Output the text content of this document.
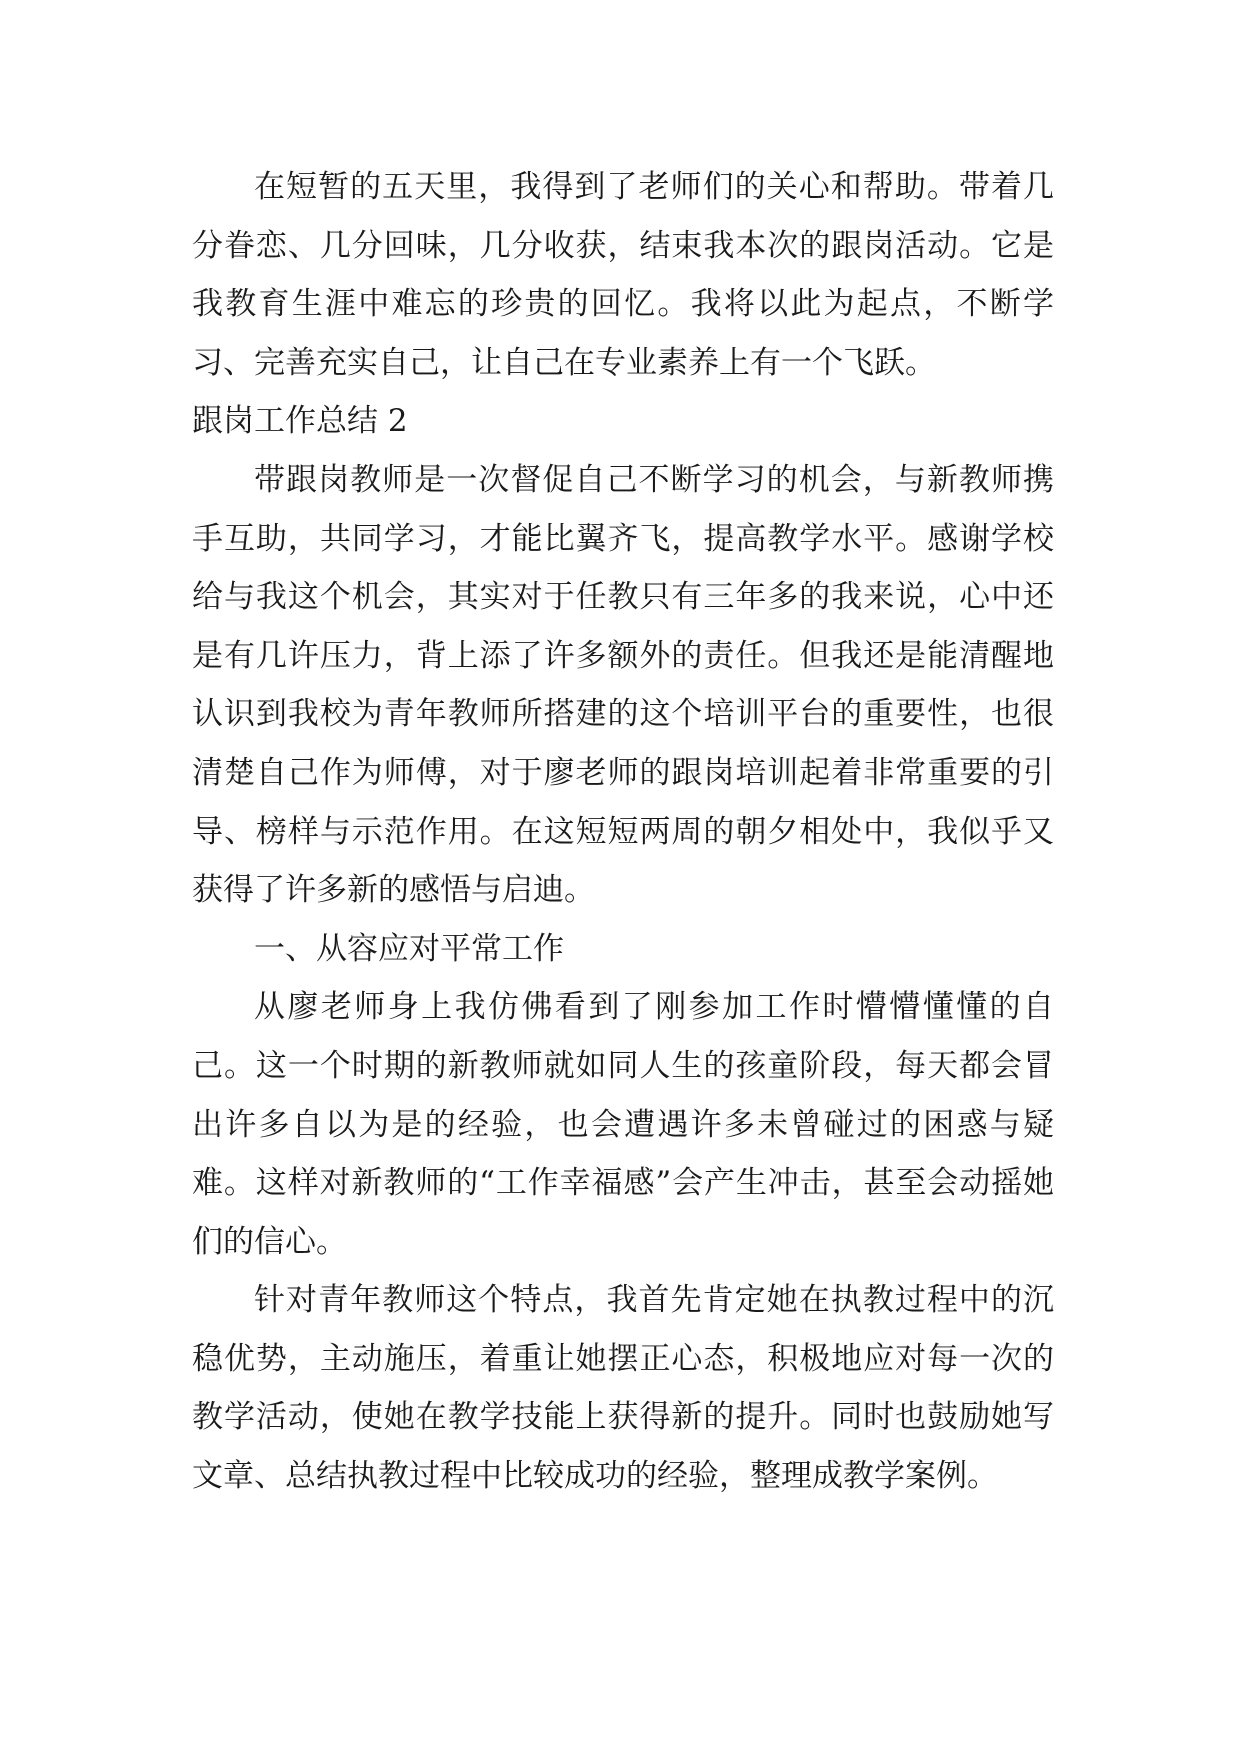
在短暂的五天里，我得到了老师们的关心和帮助。带着几分眷恋、几分回味，几分收获，结束我本次的跟岗活动。它是我教育生涯中难忘的珍贵的回忆。我将以此为起点，不断学习、完善充实自己，让自己在专业素养上有一个飞跃。

跟岗工作总结 2

带跟岗教师是一次督促自己不断学习的机会，与新教师携手互助，共同学习，才能比翼齐飞，提高教学水平。感谢学校给与我这个机会，其实对于任教只有三年多的我来说，心中还是有几许压力，背上添了许多额外的责任。但我还是能清醒地认识到我校为青年教师所搭建的这个培训平台的重要性，也很清楚自己作为师傅，对于廖老师的跟岗培训起着非常重要的引导、榜样与示范作用。在这短短两周的朝夕相处中，我似乎又获得了许多新的感悟与启迪。

一、从容应对平常工作

从廖老师身上我仿佛看到了刚参加工作时懵懵懂懂的自己。这一个时期的新教师就如同人生的孩童阶段，每天都会冒出许多自以为是的经验，也会遭遇许多未曾碰过的困惑与疑难。这样对新教师的“工作幸福感”会产生冲击，甚至会动摇她们的信心。

针对青年教师这个特点，我首先肯定她在执教过程中的沉稳优势，主动施压，着重让她摆正心态，积极地应对每一次的教学活动，使她在教学技能上获得新的提升。同时也鼓励她写文章、总结执教过程中比较成功的经验，整理成教学案例。
